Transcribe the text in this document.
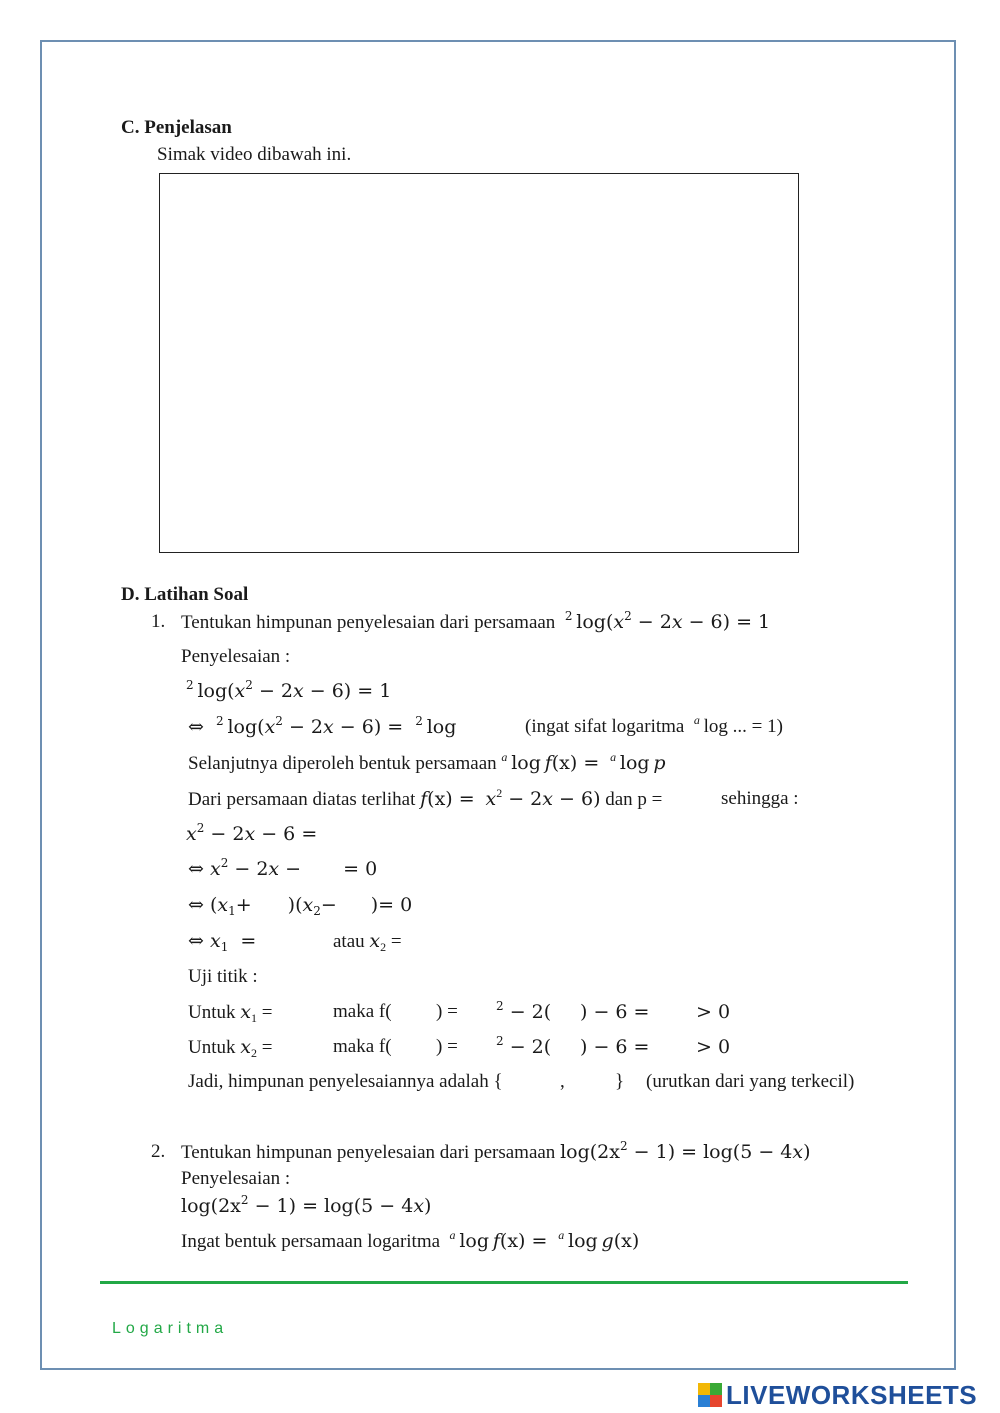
C. Penjelasan
Simak video dibawah ini.
D. Latihan Soal
1. Tentukan himpunan penyelesaian dari persamaan $^2$  $\log(x^2 - 2x - 6) = 1$
Penyelesaian :
$^2$  $\log(x^2 - 2x - 6) = 1$
⇔ $^2$  $\log(x^2 - 2x - 6) = ^2$  log	(ingat sifat logaritma $^a$  log ... = 1)
Selanjutnya diperoleh bentuk persamaan $^a$  log  f(x) =  $^a$  log  p
Dari persamaan diatas terlihat $f(x) = x^2 - 2x - 6$) dan p =	sehingga :
$x^2 - 2x - 6$ =
⇔ $x^2 - 2x$ − = 0
⇔ $(x_1+ )(x_2-$ )= 0
⇔ $x_1$  =	atau $x_2$ =
Uji titik :
Untuk $x_1$ =	maka f( ) =	$^2$ − 2( ) − 6 = > 0
Untuk $x_2$ =	maka f( ) =	$^2$ − 2( ) − 6 = > 0
Jadi, himpunan penyelesaiannya adalah {	,	} (urutkan dari yang terkecil)
2. Tentukan himpunan penyelesaian dari persamaan $\log(2x^2 - 1) = \log(5 - 4x)$
Penyelesaian :
$\log(2x^2 - 1) = \log(5 - 4x)$
Ingat bentuk persamaan logaritma $^a$  log  f(x) =  $^a$  log  g(x)
Logaritma
LIVEWORKSHEETS
